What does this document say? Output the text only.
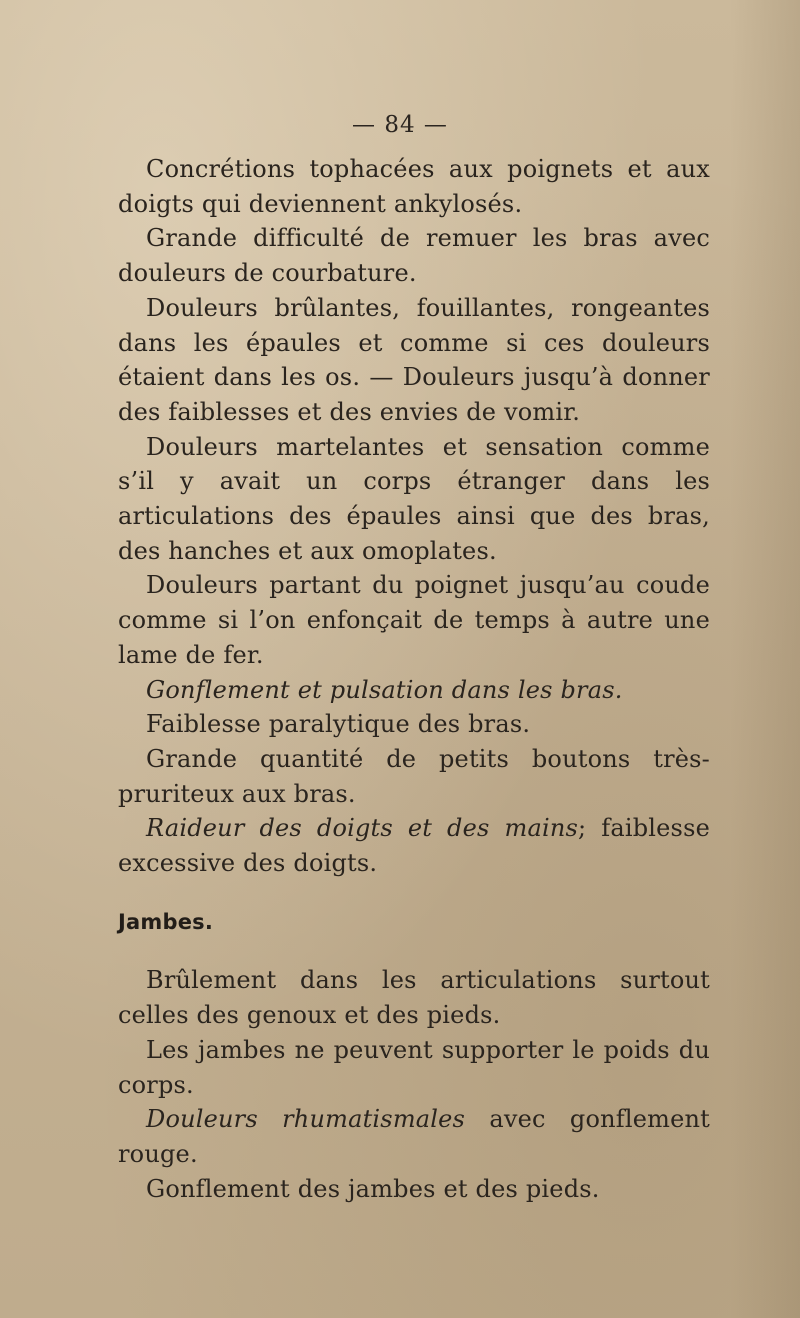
— 84 —

Concrétions tophacées aux poignets et aux doigts qui deviennent ankylosés.

Grande difficulté de remuer les bras avec douleurs de courbature.

Douleurs brûlantes, fouillantes, rongeantes dans les épaules et comme si ces douleurs étaient dans les os. — Douleurs jusqu’à donner des faiblesses et des envies de vomir.

Douleurs martelantes et sensation comme s’il y avait un corps étranger dans les articulations des épaules ainsi que des bras, des hanches et aux omoplates.

Douleurs partant du poignet jusqu’au coude comme si l’on enfonçait de temps à autre une lame de fer.

Gonflement et pulsation dans les bras.

Faiblesse paralytique des bras.

Grande quantité de petits boutons très-pruriteux aux bras.

Raideur des doigts et des mains; faiblesse excessive des doigts.

Jambes.

Brûlement dans les articulations surtout celles des genoux et des pieds.

Les jambes ne peuvent supporter le poids du corps.

Douleurs rhumatismales avec gonflement rouge.

Gonflement des jambes et des pieds.
